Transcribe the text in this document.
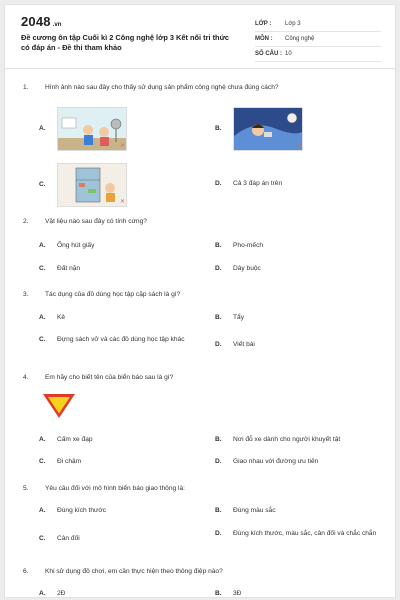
2048 .vn
Đề cương ôn tập Cuối kì 2 Công nghệ lớp 3 Kết nối tri thức có đáp án - Đề thi tham khảo
LỚP :	Lớp 3
MÔN :	Công nghệ
SỐ CÂU : 10
1.	Hình ảnh nào sau đây cho thấy sử dụng sản phẩm công nghệ chưa đúng cách?
A.
✕
B.
✕
C.
✕
D.	Cả 3 đáp án trên
2.	Vật liệu nào sau đây có tính cứng?
A.	Ống hút giấy	B.	Pho-mếch
C.	Đất nặn	D.	Dây buộc
3.	Tác dụng của đồ dùng học tập cặp sách là gì?
A.	Kẻ	B.	Tẩy
C.	Đựng sách vở và các đồ dùng học tập khác
D.	Viết bài
4.	Em hãy cho biết tên của biển báo sau là gì?
A.	Cấm xe đạp	B.	Nơi đỗ xe dành cho người khuyết tật
C.	Đi chậm	D.	Giao nhau với đường ưu tiên
5.	Yêu cầu đối với mô hình biển báo giao thông là:
A.	Đúng kích thước	B.	Đúng màu sắc
C.	Cân đối
D.	Đúng kích thước, màu sắc, cân đối và chắc chắn
6.	Khi sử dụng đồ chơi, em cần thực hiện theo thông điệp nào?
A.	2Đ	B.	3Đ
